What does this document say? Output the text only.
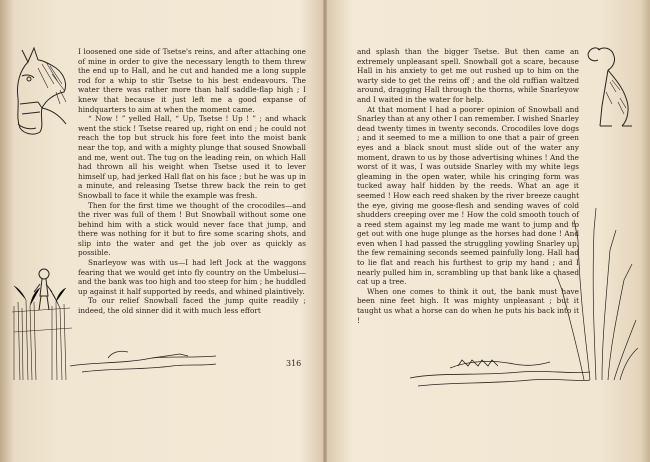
I loosened one side of Tsetse's reins, and after attaching one of mine in order to give the necessary length to them threw the end up to Hall, and he cut and handed me a long supple rod for a whip to stir Tsetse to his best endeavours. The water there was rather more than half saddle-flap high ; I knew that because it just left me a good expanse of hindquarters to aim at when the moment came.

“ Now ! ” yelled Hall, “ Up, Tsetse ! Up ! ” ; and whack went the stick ! Tsetse reared up, right on end ; he could not reach the top but struck his fore feet into the moist bank near the top, and with a mighty plunge that soused Snowball and me, went out. The tug on the leading rein, on which Hall had thrown all his weight when Tsetse used it to lever himself up, had jerked Hall flat on his face ; but he was up in a minute, and releasing Tsetse threw back the rein to get Snowball to face it while the example was fresh.

Then for the first time we thought of the crocodiles—and the river was full of them ! But Snowball without some one behind him with a stick would never face that jump, and there was nothing for it but to fire some scaring shots, and slip into the water and get the job over as quickly as possible.

Snarleyow was with us—I had left Jock at the waggons fearing that we would get into fly country on the Umbelusi—and the bank was too high and too steep for him ; he huddled up against it half supported by reeds, and whined plaintively.

To our relief Snowball faced the jump quite readily ; indeed, the old sinner did it with much less effort

316

and splash than the bigger Tsetse. But then came an extremely unpleasant spell. Snowball got a scare, because Hall in his anxiety to get me out rushed up to him on the warty side to get the reins off ; and the old ruffian waltzed around, dragging Hall through the thorns, while Snarleyow and I waited in the water for help.

At that moment I had a poorer opinion of Snowball and Snarley than at any other I can remember. I wished Snarley dead twenty times in twenty seconds. Crocodiles love dogs ; and it seemed to me a million to one that a pair of green eyes and a black snout must slide out of the water any moment, drawn to us by those advertising whines ! And the worst of it was, I was outside Snarley with my white legs gleaming in the open water, while his cringing form was tucked away half hidden by the reeds. What an age it seemed ! How each reed shaken by the river breeze caught the eye, giving me goose-flesh and sending waves of cold shudders creeping over me ! How the cold smooth touch of a reed stem against my leg made me want to jump and to get out with one huge plunge as the horses had done ! And even when I had passed the struggling yowling Snarley up, the few remaining seconds seemed painfully long. Hall had to lie flat and reach his furthest to grip my hand ; and I nearly pulled him in, scrambling up that bank like a chased cat up a tree.

When one comes to think it out, the bank must have been nine feet high. It was mighty unpleasant ; but it taught us what a horse can do when he puts his back into it !
